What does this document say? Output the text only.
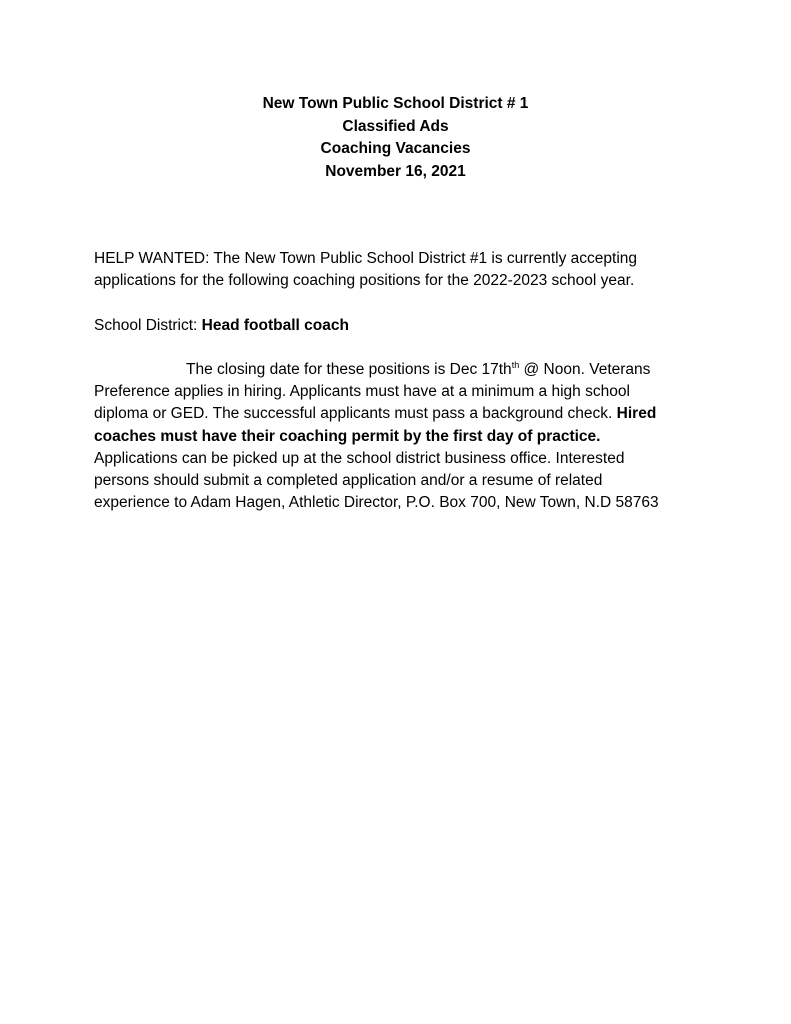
New Town Public School District # 1
Classified Ads
Coaching Vacancies
November 16, 2021
HELP WANTED: The New Town Public School District #1 is currently accepting
applications for the following coaching positions for the 2022-2023 school year.
School District: Head football coach
The closing date for these positions is Dec $17th^{th}$ @ Noon. Veterans
Preference applies in hiring. Applicants must have at a minimum a high school
diploma or GED. The successful applicants must pass a background check. Hired
coaches must have their coaching permit by the first day of practice.
Applications can be picked up at the school district business office. Interested
persons should submit a completed application and/or a resume of related
experience to Adam Hagen, Athletic Director, P.O. Box 700, New Town, N.D 58763
